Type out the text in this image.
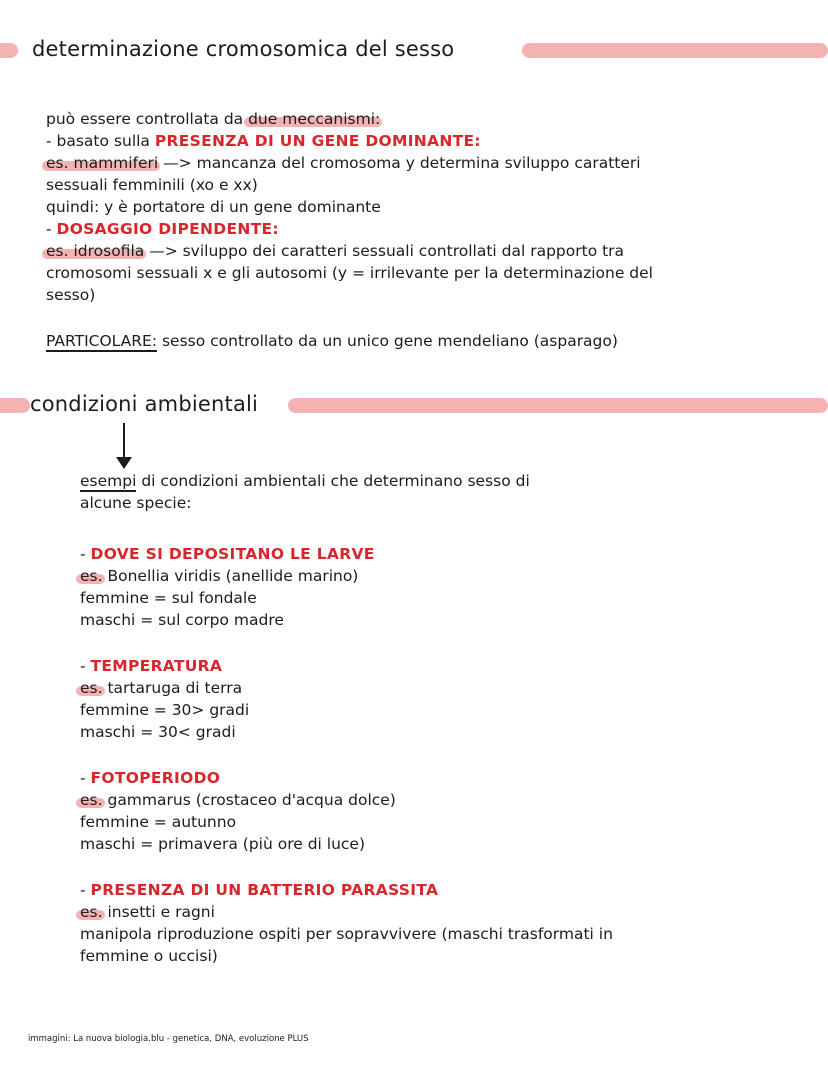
determinazione cromosomica del sesso
può essere controllata da due meccanismi:
- basato sulla PRESENZA DI UN GENE DOMINANTE:
es. mammiferi —> mancanza del cromosoma y determina sviluppo caratteri
sessuali femminili (xo e xx)
quindi: y è portatore di un gene dominante
- DOSAGGIO DIPENDENTE:
es. idrosofila —> sviluppo dei caratteri sessuali controllati dal rapporto tra
cromosomi sessuali x e gli autosomi (y = irrilevante per la determinazione del
sesso)
PARTICOLARE: sesso controllato da un unico gene mendeliano (asparago)
condizioni ambientali
esempi di condizioni ambientali che determinano sesso di
alcune specie:
- DOVE SI DEPOSITANO LE LARVE
es. Bonellia viridis (anellide marino)
femmine = sul fondale
maschi = sul corpo madre
- TEMPERATURA
es. tartaruga di terra
femmine = 30> gradi
maschi = 30< gradi
- FOTOPERIODO
es. gammarus (crostaceo d'acqua dolce)
femmine = autunno
maschi = primavera (più ore di luce)
- PRESENZA DI UN BATTERIO PARASSITA
es. insetti e ragni
manipola riproduzione ospiti per sopravvivere (maschi trasformati in
femmine o uccisi)
immagini: La nuova biologia.blu - genetica, DNA, evoluzione PLUS
